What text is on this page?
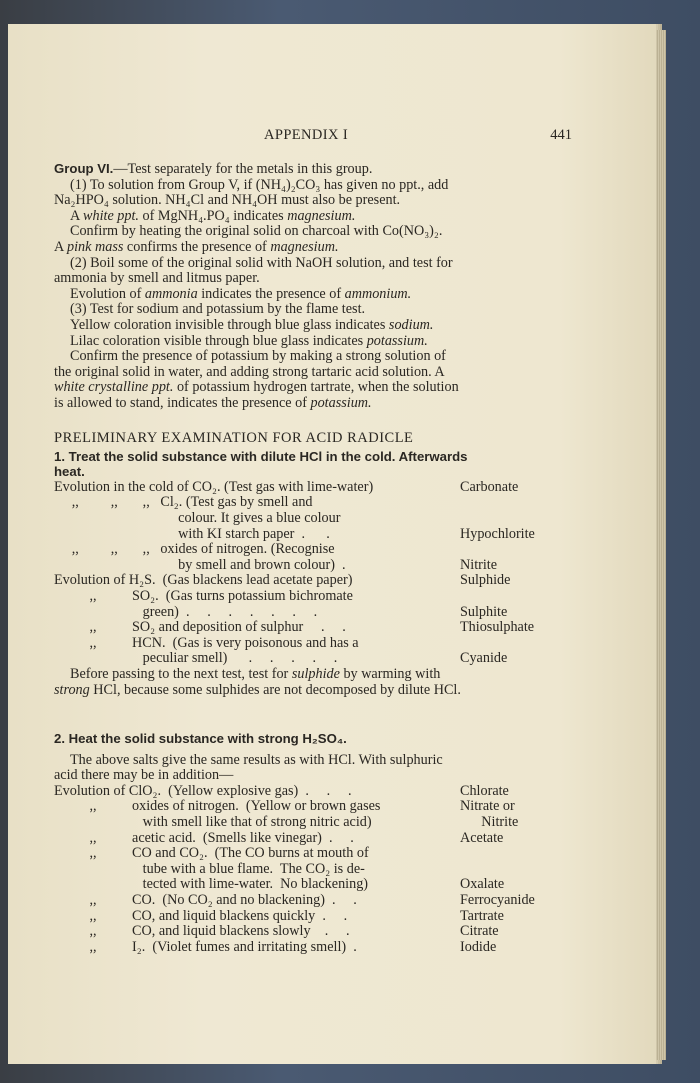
APPENDIX I	441

Group VI.—Test separately for the metals in this group.

(1) To solution from Group V, if (NH₄)₂CO₃ has given no ppt., add

Na₂HPO₄ solution. NH₄Cl and NH₄OH must also be present.

A white ppt. of MgNH₄.PO₄ indicates magnesium.

Confirm by heating the original solid on charcoal with Co(NO₃)₂.

A pink mass confirms the presence of magnesium.

(2) Boil some of the original solid with NaOH solution, and test for

ammonia by smell and litmus paper.

Evolution of ammonia indicates the presence of ammonium.

(3) Test for sodium and potassium by the flame test.

Yellow coloration invisible through blue glass indicates sodium.

Lilac coloration visible through blue glass indicates potassium.

Confirm the presence of potassium by making a strong solution of

the original solid in water, and adding strong tartaric acid solution. A

white crystalline ppt. of potassium hydrogen tartrate, when the solution

is allowed to stand, indicates the presence of potassium.

PRELIMINARY EXAMINATION FOR ACID RADICLE

1. Treat the solid substance with dilute HCl in the cold. Afterwards
heat.

Evolution in the cold of CO₂. (Test gas with lime-water)	Carbonate
,,         ,,       ,,   Cl₂. (Test gas by smell and
colour. It gives a blue colour
with KI starch paper  .      .	Hypochlorite
,,         ,,       ,,   oxides of nitrogen. (Recognise
by smell and brown colour)  .	Nitrite
Evolution of H₂S.  (Gas blackens lead acetate paper)	Sulphide
,,          SO₂.  (Gas turns potassium bichromate
green)  .     .     .     .     .     .     .	Sulphite
,,          SO₂ and deposition of sulphur     .     .	Thiosulphate
,,          HCN.  (Gas is very poisonous and has a
peculiar smell)      .     .     .     .     .	Cyanide

Before passing to the next test, test for sulphide by warming with

strong HCl, because some sulphides are not decomposed by dilute HCl.

2. Heat the solid substance with strong H₂SO₄.

The above salts give the same results as with HCl. With sulphuric

acid there may be in addition—

Evolution of ClO₂.  (Yellow explosive gas)  .     .     .	Chlorate
,,          oxides of nitrogen.  (Yellow or brown gases	Nitrate or
with smell like that of strong nitric acid)	Nitrite
,,          acetic acid.  (Smells like vinegar)  .     .	Acetate
,,          CO and CO₂.  (The CO burns at mouth of
tube with a blue flame.  The CO₂ is de-
tected with lime-water.  No blackening)	Oxalate
,,          CO.  (No CO₂ and no blackening)  .     .	Ferrocyanide
,,          CO, and liquid blackens quickly  .     .	Tartrate
,,          CO, and liquid blackens slowly    .     .	Citrate
,,          I₂.  (Violet fumes and irritating smell)  .	Iodide
